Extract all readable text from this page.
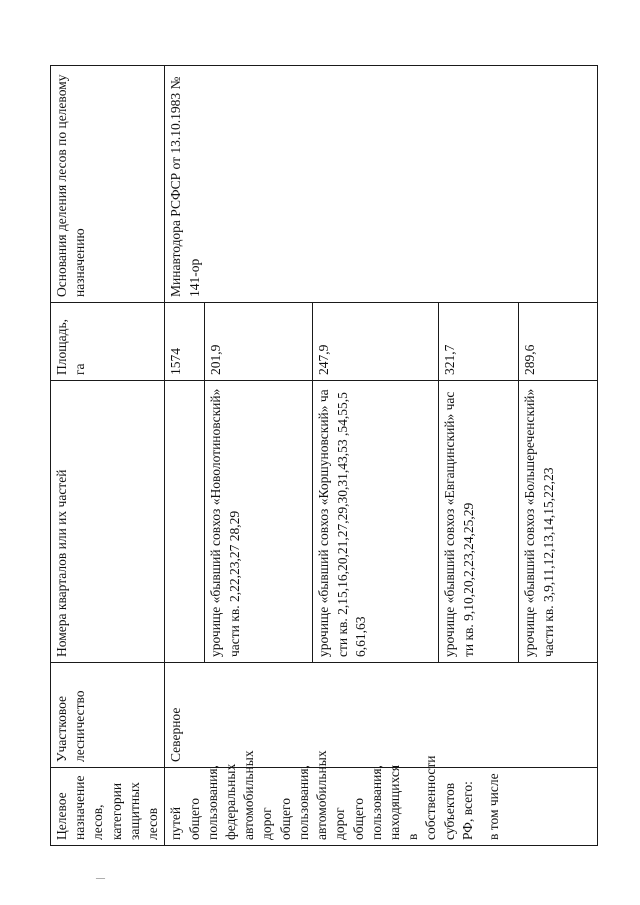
Целевое назначение лесов, категории защитных лесов	Участковое лесничество	Номера кварталов или их частей	Площадь, га	Основания деления лесов по целевому назначению

путей общего пользования, федеральных автомобильных дорог общего пользования, автомобильных дорог общего пользования, находящихся в собственности субъектов РФ, всего: в том числе	Северное		1574	Минавтодора РСФСР от 13.10.1983 № 141-ор
		урочище «бывший совхоз «Новолотиновский» части кв. 2,22,23,27 28,29	201,9	
		урочище «бывший совхоз «Коршуновский» части кв. 2,15,16,20,21,27,29,30,31,43,53 ,54,55,56,61,63	247,9	
		урочище «бывший совхоз «Евгащинский» части кв. 9,10,20,2,23,24,25,29	321,7	
		урочище «бывший совхоз «Большереченский» части кв. 3,9,11,12,13,14,15,22,23	289,6	
—
